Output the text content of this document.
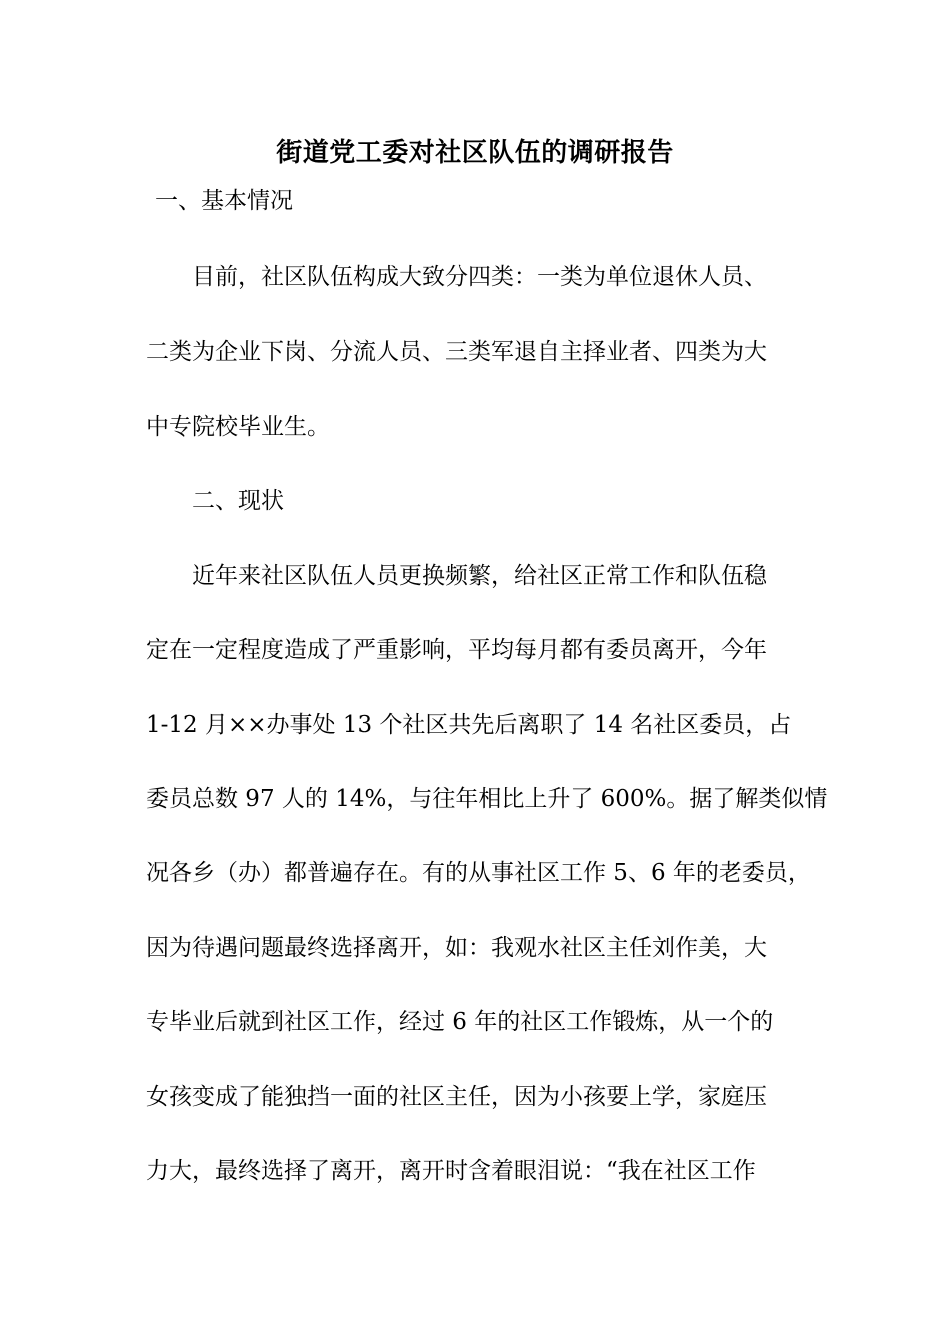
街道党工委对社区队伍的调研报告
一、基本情况
目前，社区队伍构成大致分四类：一类为单位退休人员、
二类为企业下岗、分流人员、三类军退自主择业者、四类为大
中专院校毕业生。
二、现状
近年来社区队伍人员更换频繁，给社区正常工作和队伍稳
定在一定程度造成了严重影响，平均每月都有委员离开，今年
1-12 月××办事处 13 个社区共先后离职了 14 名社区委员，占
委员总数 97 人的 14%，与往年相比上升了 600%。据了解类似情
况各乡（办）都普遍存在。有的从事社区工作 5、6 年的老委员，
因为待遇问题最终选择离开，如：我观水社区主任刘作美，大
专毕业后就到社区工作，经过 6 年的社区工作锻炼，从一个的
女孩变成了能独挡一面的社区主任，因为小孩要上学，家庭压
力大，最终选择了离开，离开时含着眼泪说：“我在社区工作
